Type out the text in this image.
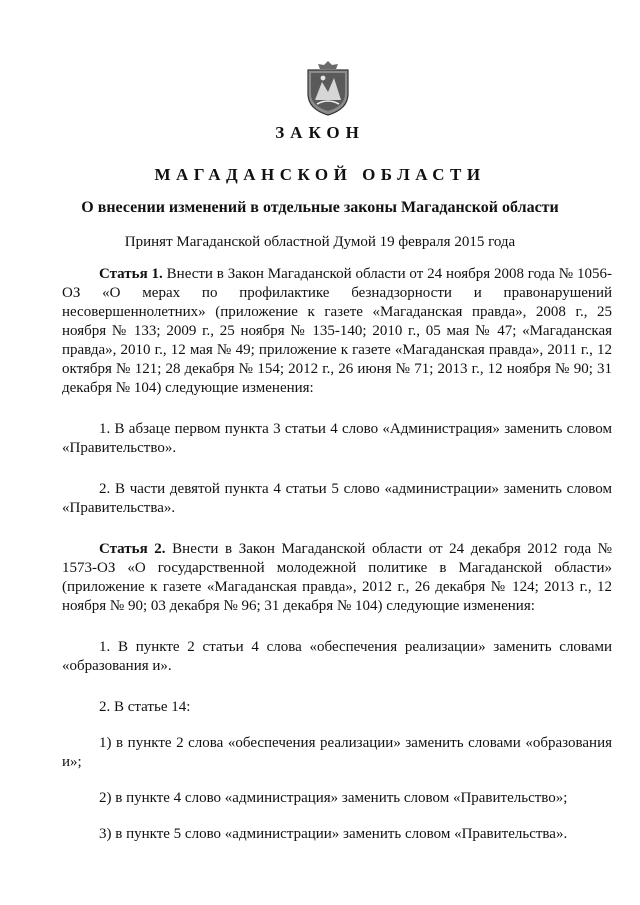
ЗАКОН
МАГАДАНСКОЙ ОБЛАСТИ
О внесении изменений в отдельные законы Магаданской области
Принят Магаданской областной Думой 19 февраля 2015 года

Статья 1. Внести в Закон Магаданской области от 24 ноября 2008 года № 1056-ОЗ «О мерах по профилактике безнадзорности и правонарушений несовершеннолетних» (приложение к газете «Магаданская правда», 2008 г., 25 ноября № 133; 2009 г., 25 ноября № 135-140; 2010 г., 05 мая № 47; «Магаданская правда», 2010 г., 12 мая № 49; приложение к газете «Магаданская правда», 2011 г., 12 октября № 121; 28 декабря № 154; 2012 г., 26 июня № 71; 2013 г., 12 ноября № 90; 31 декабря № 104) следующие изменения:

1. В абзаце первом пункта 3 статьи 4 слово «Администрация» заменить словом «Правительство».

2. В части девятой пункта 4 статьи 5 слово «администрации» заменить словом «Правительства».

Статья 2. Внести в Закон Магаданской области от 24 декабря 2012 года № 1573-ОЗ «О государственной молодежной политике в Магаданской области» (приложение к газете «Магаданская правда», 2012 г., 26 декабря № 124; 2013 г., 12 ноября № 90; 03 декабря № 96; 31 декабря № 104) следующие изменения:

1. В пункте 2 статьи 4 слова «обеспечения реализации» заменить словами «образования и».

2. В статье 14:

1) в пункте 2 слова «обеспечения реализации» заменить словами «образования и»;

2) в пункте 4 слово «администрация» заменить словом «Правительство»;

3) в пункте 5 слово «администрации» заменить словом «Правительства».
